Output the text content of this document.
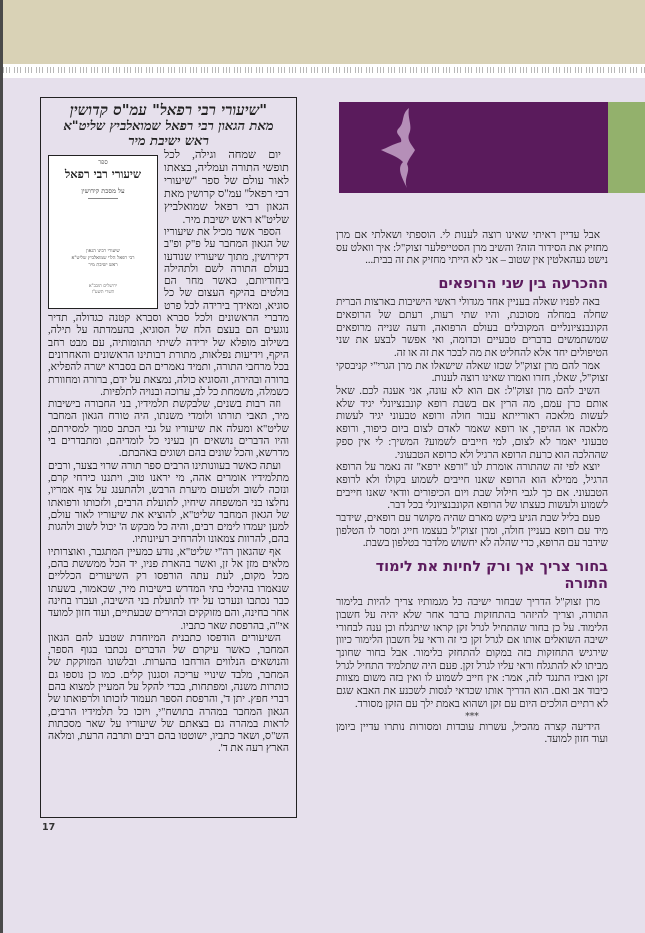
"שיעורי רבי רפאל" עמ"ס קדושין
מאת הגאון רבי רפאל שמואלביץ שליט"א
ראש ישיבת מיר
ספר
שיעורי רבי רפאל
על מסכת קידושין
שיעורי רבינו הגאון
רבי רפאל הלוי שמואלביץ שליט"א
ראש ישיבת מיר
ירושלים תובב"א
תשרי תשע"ז

יום שמחה וגילה, לכל תופשי התורה ועמליה, בצאתו לאור עולם של ספר "שיעורי רבי רפאל" עמ"ס קרושין מאת הגאון רבי רפאל שמואלביץ שליט"א ראש ישיבת מיר.

הספר אשר מכיל את שיעוריו של הגאון המחבר על פ"ק ופ"ב דקירושין, מתוך שיעוריו שנודעו בעולם התורה לשם ולתהילה ביחודיותם, כאשר מחר הם בולטים בהיקף העצום של כל סוגיא, ומאידך בירידה לכל פרט מדברי הראשונים ולכל סברא וסברא קטנה כגדולה, תדיר נוגעים הם בעצם הלח של הסוגיא, בהעמדתה על תילה, בשילוב מופלא של ירידה לשיתי תהומותיה, עם מבט רחב היקף, וידיעות נפלאות, מתורת רבותינו הראשונים והאחרונים בכל מרחבי התורה, ותמיד נאמרים הם בסברא ישרה להפליא, ברורה ובהירה, והסוגיא כולה, נמצאת על ידם, ברורה ומחוורת כשמלה, משמחת כל לב, ערוכה ובנויה לתלפיות.

וזה רבות בשנים, שלבקשת תלמידיו, בני החבורה בישיבות מיר, תאבי תורתו ולומדי משנתו, היה טורח הגאון המחבר שליט"א ומעלה את שיעוריו על גבי הכתב סמוך למסירתם, והיו הדברים נושאים חן בעיני כל לומדיהם, ומתבדרים בי מדרשא, והכל שונים בהם ושוגים באהבתם.

ועתה כאשר בעוונותינו הרבים ספר תורה שרוי בצער, ורבים מתלמידיו אומרים אהה, מי יראנו טוב, ויתננו כירחי קרם, ונזכה לשוב ולטעום מיערת הרבש, ולהתענג על צוף אמריו, נחלצו בני המשפחה שיחיו, לתועלת הרבים, ולזכותו ורפואתו של הגאון המחבר שליט"א, להוציא את שיעוריו לאור עולם, למען יעמדו לימים רבים, והיה כל מבקש ה' יכול לשוב ולהגות בהם, להרוות צמאונו ולהרחיב רעיונותיו.

אף שהגאון רה"י שליט"א, נודע כמעיין המתגבר, ואוצרותיו מלאים מזן אל זן, ואשר בהארת פניו, יד הכל ממששת בהם, מכל מקום, לעת עתה הורפסו רק השיעורים הכלליים שנאמרו בהיכלי בתי המדרש בישיבות מיר, שכאמור, בשעתו כבר נכתבו ונערכו על ידו לתועלת בני הישיבה, ועברו בחינה אחר בחינה, והם מזוקקים ובהירים שבעתיים, ועוד חזון למועד אי"ה, בהרפסת שאר כתביו.

השיעורים הודפסו כתבנית המיוחדת שטבע להם הגאון המחבר, כאשר עיקרם של הדברים נכתבו בגוף הספר, והנושאים הנלווים הורחבו בהערות. ובלשונו המזוקקת של המחבר, מלבד שינויי עריכה וסגנון קלים. כמו כן נוספו גם כותרות משנה, ומפתחות, בכדי להקל על המעיין למצוא בהם רברי חפץ. יתן ד', והרפסת הספר תעמוד לזכותו ולרפואתו של הגאון המחבר במהרה בתושח"י, ויזכו כל תלמידיו הרבים, לראות במהרה גם בצאתם של שיעוריו על שאר מסכתות הש"ס, ושאר כתביו, ישוטטו בהם רבים ותרבה הרעת, ומלאה הארץ רעה את ד'.

אבל עדיין ראיתי שאינו רוצה לענות לי. הוספתי ושאלתי אם מרן מחזיק את הסידור הזה? והשיב מרן הסטייפלער זצוק"ל: איך וואלט עס נישט געהאלטין אין שטוב – אני לא הייתי מחזיק את זה בבית...

ההכרעה בין שני הרופאים

באה לפניו שאלה בעניין אחד מגדולי ראשי הישיבות בארצות הברית שחלה במחלה מסוכנת, והיו שתי רעות, רעתם של הרופאים הקונבנציונליים המקובלים בעולם הרפואה, ודעה שנייה מרופאים שמשתמשים בדברים טבעיים וכדומה, ואי אפשר לבצע את שני הטיפולים יחד אלא להחליט את מה לבכר את זה או זה.

אמר להם מרן זצוק"ל שכזו שאלה שישאלו את מרן הגרי"י קניבסקי זצוק"ל, שאלו, חזרו ואמרו שאינו רוצה לענות.

השיב להם מרן זצוק"ל: אם הוא לא עונה, אני אענה לכם. שאל אותם כרן עמם, מה הרין אם בשבת רופא קונבנציונלי יגיד שלא לעשות מלאכה ראורייתא עבור חולה ורופא טבעוני יגיד לעשות מלאכה או ההיפך, או רופא שאמר לאדם לצום ביום כיפור, ורופא טבעוני יאמר לא לצום, למי חייבים לשמוע? המשיך: לי אין ספק שההלכה הוא כרעת הרופא הרגיל ולא כרופא הטבעוני.

יוצא לפי זה שהתורה אומרת לנו "ורפא ירפא" זה נאמר על הרופא הרגיל, ממילא הוא הרופא שאנו חייבים לשמוע בקולו ולא לרופא הטבעוני. אם כך לגבי חילול שבת ויום הכיפורים וודאי שאנו חייבים לשמוע ולעשות כעצתו של הרופא הקונבנציונלי בכל דבר.

פעם בליל שבת הגיע ביקש מארם שהיה מקושר עם רופאים, שידבר מיד עם רופא בעניין חולה, ומרן זצוק"ל בעצמו חייג ומסר לו הטלפון שידבר עם הרופא, כדי שהלה לא יחשוש מלדבר בטלפון בשבת.

בחור צריך אך ורק לחיות את לימוד התורה

מרן זצוק"ל הדריך שבחור ישיבה כל מגמותיו צריך להיות בלימור התורה, וצריך להיזהר בהתחזקות ברבר אחר שלא יהיה על חשבון הלימוד. על כן בחור שהתחיל לגרל זקן קראו שיתגלח וכן ענה לבחורי ישיבה השואלים אותו אם לגרל זקן כי זה וראי על חשבון הלימור כיוון שירגיש התחזקות בזה במקום להתחזק בלימור. אבל בחור שחונך מביתו לא להתגלח וראי עליו לגרל זקן. פעם היה שתלמיד התחיל לגרל זקן ואביו התנגד לזה, אמר: אין חייב לשמוע לו ואין בזה משום מצוות כיבוד אב ואם. הוא הדריך אותו שכדאי לנסות לשכנע את האבא שגם לא רתיים הולכים היום עם זקן ושהוא באמת ילך עם הזקן מסורד.

***

הידיעה קצרה מהכיל, עשרות עובדות ומסורות נותרו עדיין ביומן ועוד חזון למועד.

17
